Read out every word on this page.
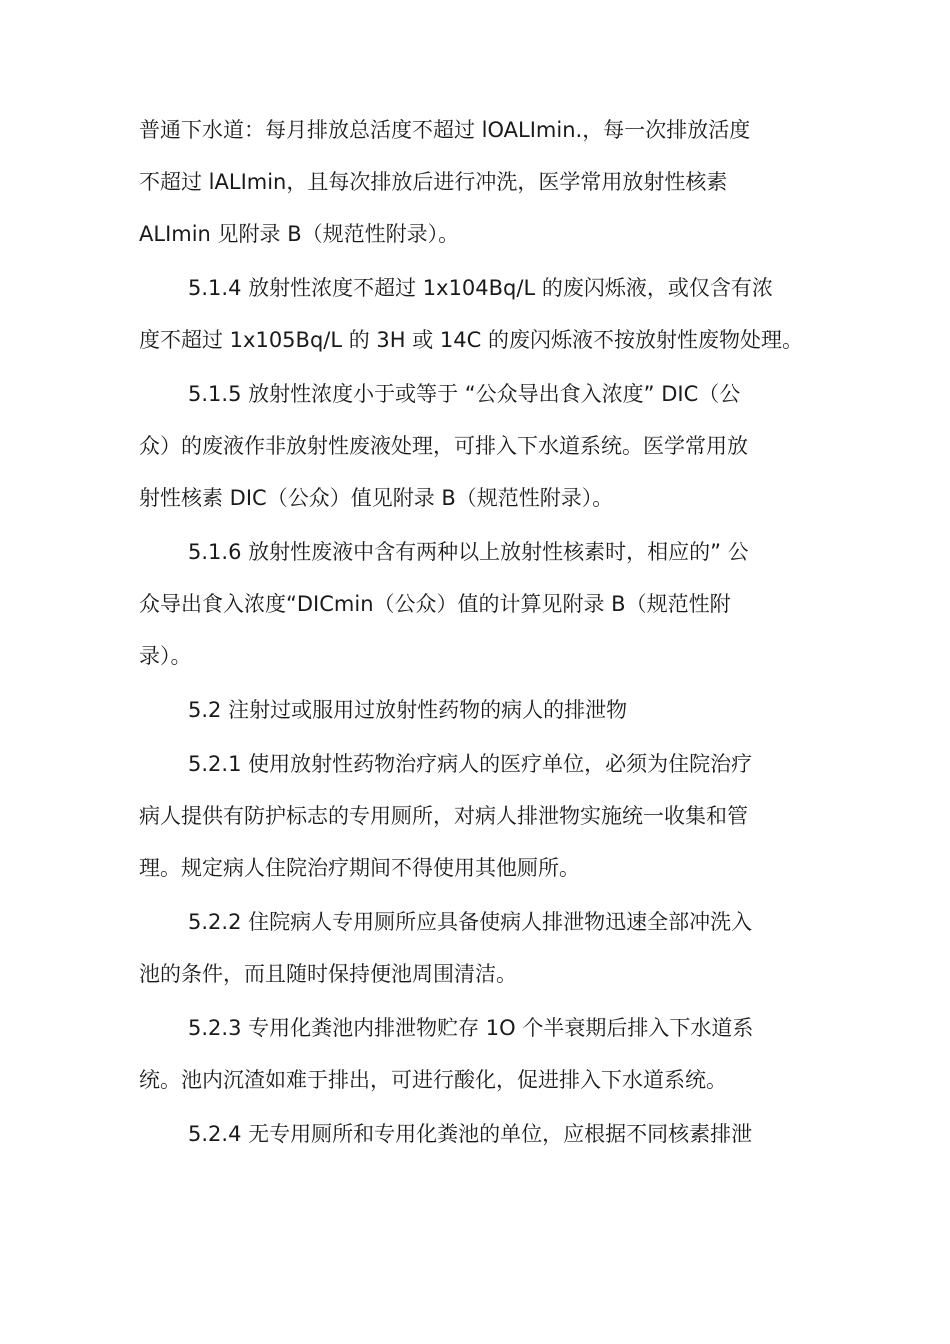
普通下水道：每月排放总活度不超过 lOALImin.，每一次排放活度
不超过 lALImin，且每次排放后进行冲洗，医学常用放射性核素
ALImin 见附录 B（规范性附录）。
5.1.4 放射性浓度不超过 1x104Bq/L 的废闪烁液，或仅含有浓
度不超过 1x105Bq/L 的 3H 或 14C 的废闪烁液不按放射性废物处理。
5.1.5 放射性浓度小于或等于 “公众导出食入浓度” DIC（公
众）的废液作非放射性废液处理，可排入下水道系统。医学常用放
射性核素 DIC（公众）值见附录 B（规范性附录）。
5.1.6 放射性废液中含有两种以上放射性核素时，相应的” 公
众导出食入浓度“DICmin（公众）值的计算见附录 B（规范性附
录）。
5.2 注射过或服用过放射性药物的病人的排泄物
5.2.1 使用放射性药物治疗病人的医疗单位，必须为住院治疗
病人提供有防护标志的专用厕所，对病人排泄物实施统一收集和管
理。规定病人住院治疗期间不得使用其他厕所。
5.2.2 住院病人专用厕所应具备使病人排泄物迅速全部冲洗入
池的条件，而且随时保持便池周围清洁。
5.2.3 专用化粪池内排泄物贮存 1O 个半衰期后排入下水道系
统。池内沉渣如难于排出，可进行酸化，促进排入下水道系统。
5.2.4 无专用厕所和专用化粪池的单位，应根据不同核素排泄
